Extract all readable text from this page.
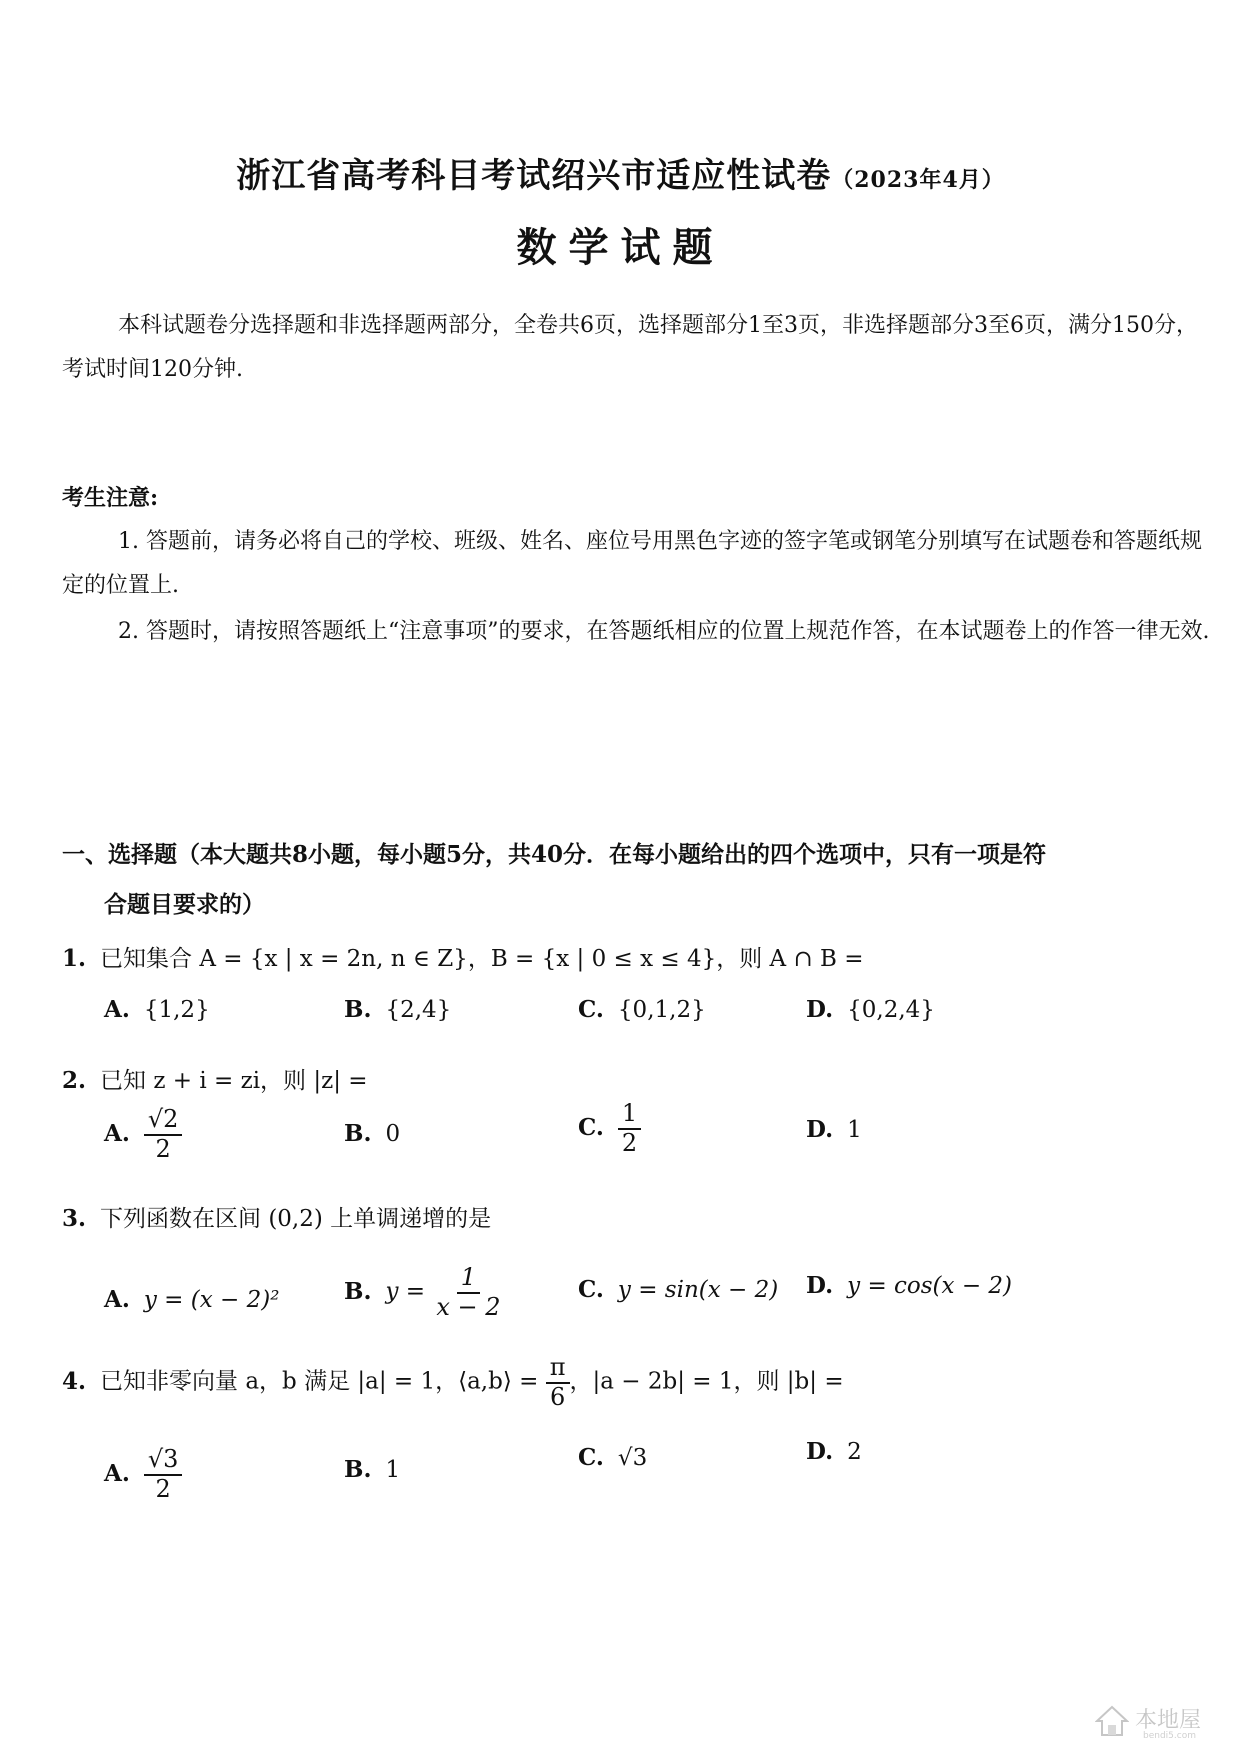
浙江省高考科目考试绍兴市适应性试卷（2023年4月）
数学试题
本科试题卷分选择题和非选择题两部分，全卷共6页，选择题部分1至3页，非选择题部分3至6页，满分150分，考试时间120分钟.
考生注意:
1. 答题前，请务必将自己的学校、班级、姓名、座位号用黑色字迹的签字笔或钢笔分别填写在试题卷和答题纸规定的位置上.
2. 答题时，请按照答题纸上“注意事项”的要求，在答题纸相应的位置上规范作答，在本试题卷上的作答一律无效.
一、选择题（本大题共8小题，每小题5分，共40分．在每小题给出的四个选项中，只有一项是符
合题目要求的）
1. 已知集合 A = {x | x = 2n, n ∈ Z}，B = {x | 0 ≤ x ≤ 4}，则 A ∩ B =
A. {1,2}	B. {2,4}	C. {0,1,2}	D. {0,2,4}
2. 已知 z + i = zi，则 |z| =
A. $\frac{√2}{2}$	B. 0	C. $\frac{1}{2}$	D. 1
3. 下列函数在区间 (0,2) 上单调递增的是
A. y = (x − 2)²	B. $y = \frac{1}{x - 2}$	C. y = sin(x − 2) D. y = cos(x − 2)
4. 已知非零向量 a，b 满足 |a| = 1，⟨a,b⟩ = $\frac{\pi}{6}$ ，|a − 2b| = 1，则 |b| =
A. $\frac{√3}{2}$	B. 1	C. √3	D. 2
本地屋
bendi5.com
